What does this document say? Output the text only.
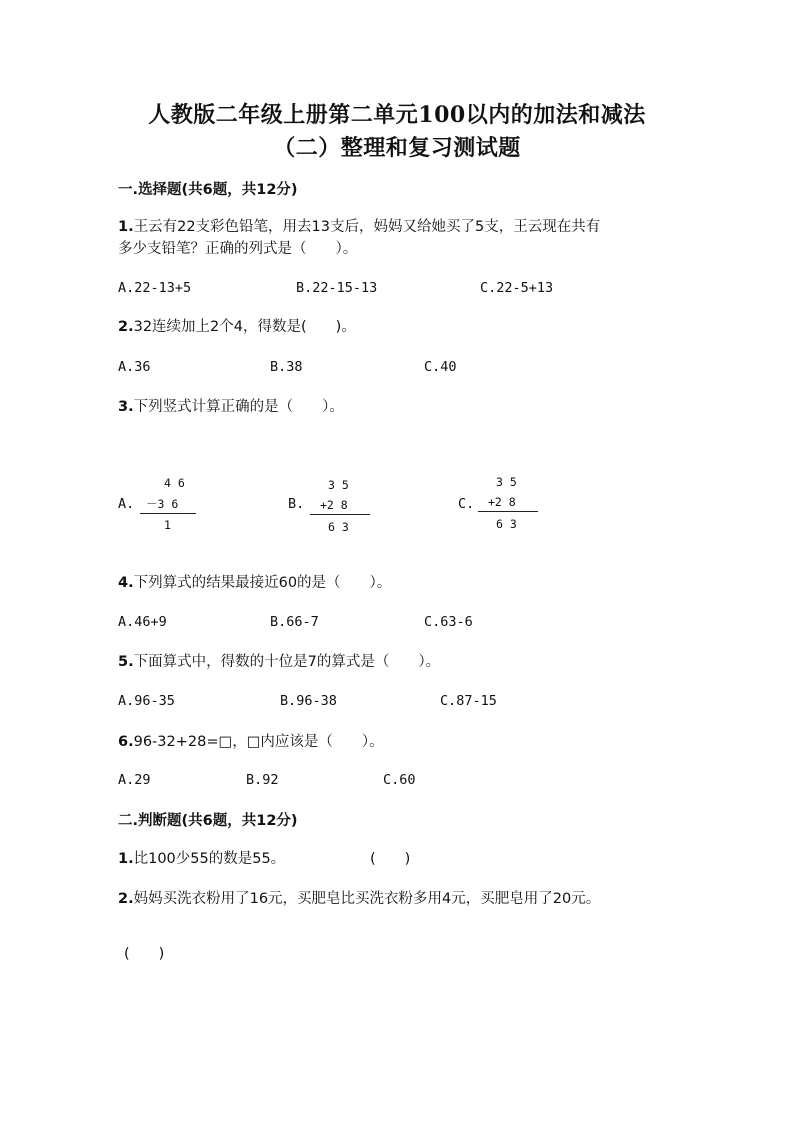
人教版二年级上册第二单元100以内的加法和减法
（二）整理和复习测试题
一.选择题(共6题，共12分)
1.王云有22支彩色铅笔，用去13支后，妈妈又给她买了5支，王云现在共有
多少支铅笔？正确的列式是（　　）。
A.22-13+5	B.22-15-13	C.22-5+13
2.32连续加上2个4，得数是(　　)。
A.36	B.38	C.40
3.下列竖式计算正确的是（　　）。
A.
4 6
－3 6
1
B.
3 5
+2 8
6 3
C.
3 5
+2 8
6 3
4.下列算式的结果最接近60的是（　　）。
A.46+9	B.66-7	C.63-6
5.下面算式中，得数的十位是7的算式是（　　）。
A.96-35	B.96-38	C.87-15
6.96-32+28=□，□内应该是（　　）。
A.29	B.92	C.60
二.判断题(共6题，共12分)
1.比100少55的数是55。	(　　)
2.妈妈买洗衣粉用了16元，买肥皂比买洗衣粉多用4元，买肥皂用了20元。
(　　)
